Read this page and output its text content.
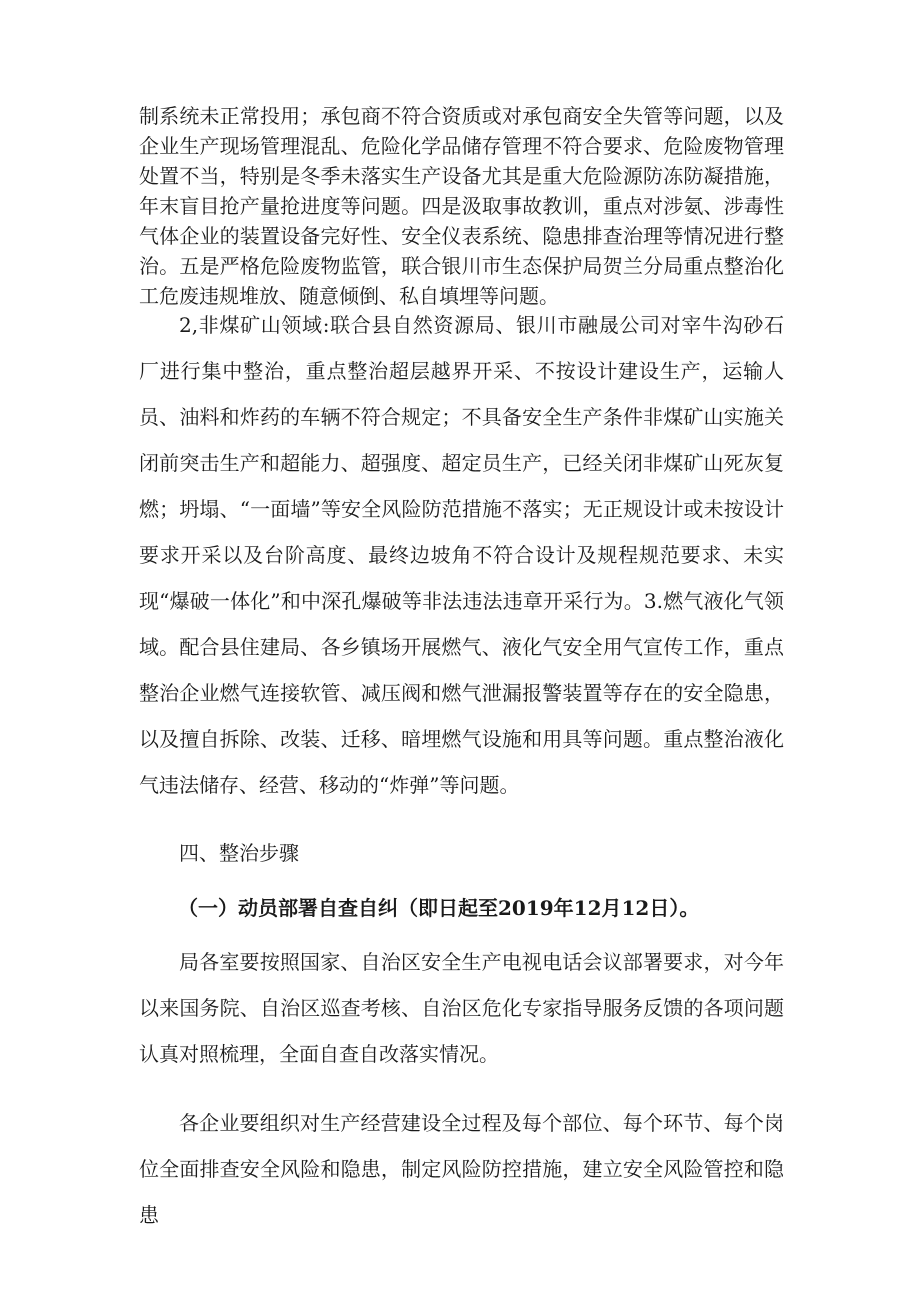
制系统未正常投用；承包商不符合资质或对承包商安全失管等问题，以及企业生产现场管理混乱、危险化学品储存管理不符合要求、危险废物管理处置不当，特别是冬季未落实生产设备尤其是重大危险源防冻防凝措施，年末盲目抢产量抢进度等问题。四是汲取事故教训，重点对涉氨、涉毒性气体企业的装置设备完好性、安全仪表系统、隐患排查治理等情况进行整治。五是严格危险废物监管，联合银川市生态保护局贺兰分局重点整治化工危废违规堆放、随意倾倒、私自填埋等问题。

2,非煤矿山领域:联合县自然资源局、银川市融晟公司对宰牛沟砂石厂进行集中整治，重点整治超层越界开采、不按设计建设生产，运输人员、油料和炸药的车辆不符合规定；不具备安全生产条件非煤矿山实施关闭前突击生产和超能力、超强度、超定员生产，已经关闭非煤矿山死灰复燃；坍塌、“一面墙”等安全风险防范措施不落实；无正规设计或未按设计要求开采以及台阶高度、最终边坡角不符合设计及规程规范要求、未实现“爆破一体化”和中深孔爆破等非法违法违章开采行为。3.燃气液化气领域。配合县住建局、各乡镇场开展燃气、液化气安全用气宣传工作，重点整治企业燃气连接软管、减压阀和燃气泄漏报警装置等存在的安全隐患，以及擅自拆除、改装、迁移、暗埋燃气设施和用具等问题。重点整治液化气违法储存、经营、移动的“炸弹”等问题。

四、整治步骤

（一）动员部署自查自纠（即日起至2019年12月12日）。

局各室要按照国家、自治区安全生产电视电话会议部署要求，对今年以来国务院、自治区巡查考核、自治区危化专家指导服务反馈的各项问题认真对照梳理，全面自查自改落实情况。

各企业要组织对生产经营建设全过程及每个部位、每个环节、每个岗位全面排查安全风险和隐患，制定风险防控措施，建立安全风险管控和隐患
